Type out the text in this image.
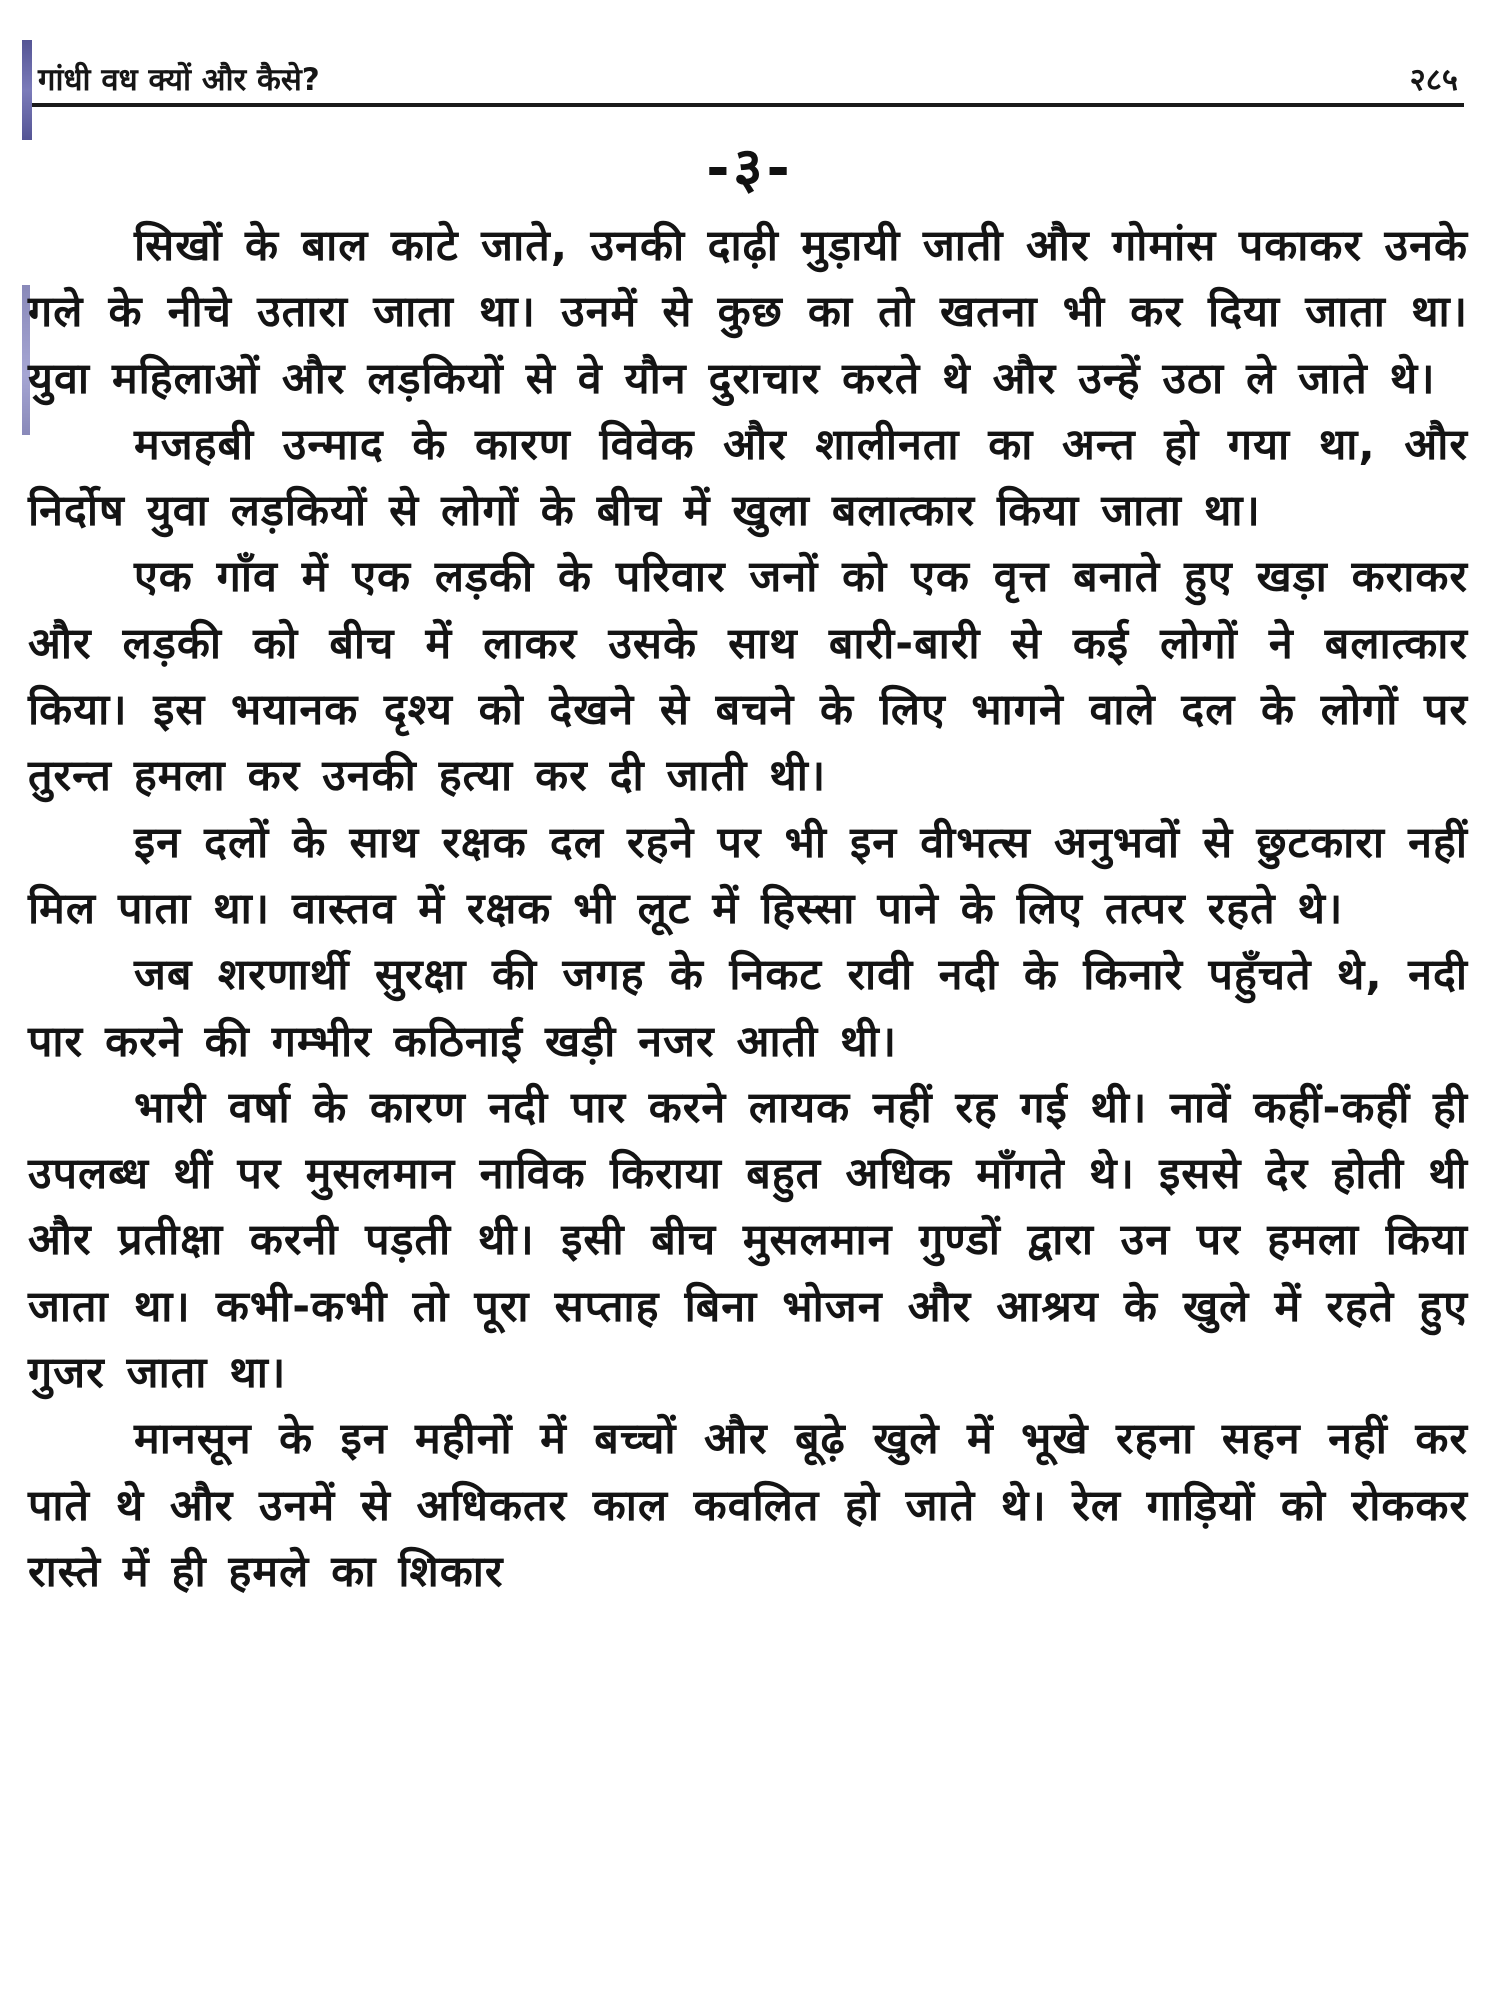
गांधी वध क्यों और कैसे?	२८५
-३-

सिखों के बाल काटे जाते, उनकी दाढ़ी मुड़ायी जाती और गोमांस पकाकर उनके गले के नीचे उतारा जाता था। उनमें से कुछ का तो खतना भी कर दिया जाता था। युवा महिलाओं और लड़कियों से वे यौन दुराचार करते थे और उन्हें उठा ले जाते थे।

मजहबी उन्माद के कारण विवेक और शालीनता का अन्त हो गया था, और निर्दोष युवा लड़कियों से लोगों के बीच में खुला बलात्कार किया जाता था।

एक गाँव में एक लड़की के परिवार जनों को एक वृत्त बनाते हुए खड़ा कराकर और लड़की को बीच में लाकर उसके साथ बारी-बारी से कई लोगों ने बलात्कार किया। इस भयानक दृश्य को देखने से बचने के लिए भागने वाले दल के लोगों पर तुरन्त हमला कर उनकी हत्या कर दी जाती थी।

इन दलों के साथ रक्षक दल रहने पर भी इन वीभत्स अनुभवों से छुटकारा नहीं मिल पाता था। वास्तव में रक्षक भी लूट में हिस्सा पाने के लिए तत्पर रहते थे।

जब शरणार्थी सुरक्षा की जगह के निकट रावी नदी के किनारे पहुँचते थे, नदी पार करने की गम्भीर कठिनाई खड़ी नजर आती थी।

भारी वर्षा के कारण नदी पार करने लायक नहीं रह गई थी। नावें कहीं-कहीं ही उपलब्ध थीं पर मुसलमान नाविक किराया बहुत अधिक माँगते थे। इससे देर होती थी और प्रतीक्षा करनी पड़ती थी। इसी बीच मुसलमान गुण्डों द्वारा उन पर हमला किया जाता था। कभी-कभी तो पूरा सप्ताह बिना भोजन और आश्रय के खुले में रहते हुए गुजर जाता था।

मानसून के इन महीनों में बच्चों और बूढ़े खुले में भूखे रहना सहन नहीं कर पाते थे और उनमें से अधिकतर काल कवलित हो जाते थे। रेल गाड़ियों को रोककर रास्ते में ही हमले का शिकार
